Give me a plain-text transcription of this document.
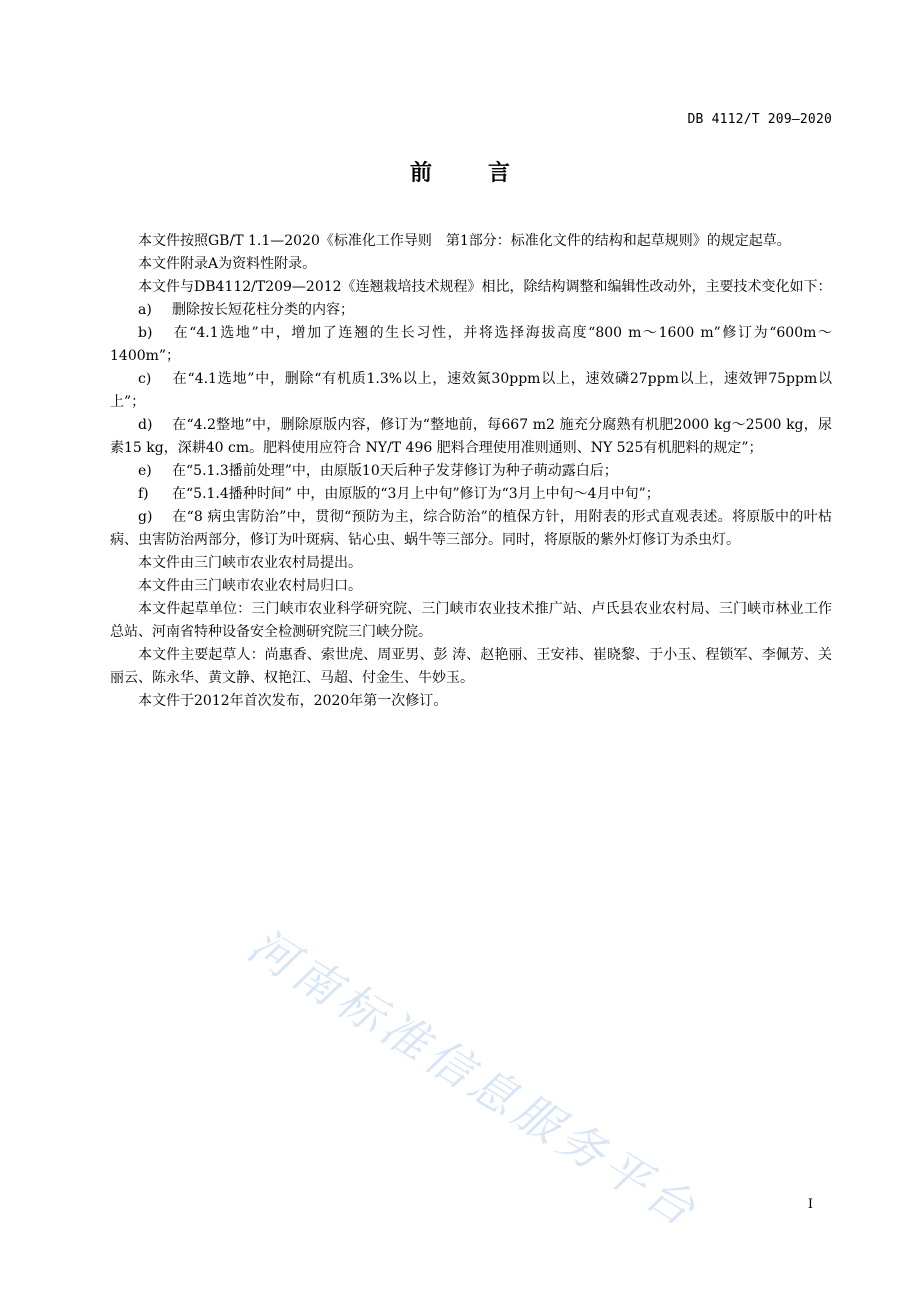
DB 4112/T 209—2020
前言

本文件按照GB/T 1.1—2020《标准化工作导则　第1部分：标准化文件的结构和起草规则》的规定起草。

本文件附录A为资料性附录。

本文件与DB4112/T209—2012《连翘栽培技术规程》相比，除结构调整和编辑性改动外，主要技术变化如下：

a) 删除按长短花柱分类的内容；

b) 在“4.1选地”中，增加了连翘的生长习性，并将选择海拔高度“800 m～1600 m”修订为“600m～1400m”；

c) 在“4.1选地”中，删除“有机质1.3%以上，速效氮30ppm以上，速效磷27ppm以上，速效钾75ppm以上”；

d) 在“4.2整地”中，删除原版内容，修订为“整地前，每667 m2 施充分腐熟有机肥2000 kg～2500 kg，尿素15 kg，深耕40 cm。肥料使用应符合 NY/T 496 肥料合理使用准则通则、NY 525有机肥料的规定”；

e) 在“5.1.3播前处理”中，由原版10天后种子发芽修订为种子萌动露白后；

f) 在“5.1.4播种时间” 中，由原版的“3月上中旬”修订为“3月上中旬～4月中旬”；

g) 在“8 病虫害防治”中，贯彻“预防为主，综合防治”的植保方针，用附表的形式直观表述。将原版中的叶枯病、虫害防治两部分，修订为叶斑病、钻心虫、蜗牛等三部分。同时，将原版的紫外灯修订为杀虫灯。

本文件由三门峡市农业农村局提出。

本文件由三门峡市农业农村局归口。

本文件起草单位：三门峡市农业科学研究院、三门峡市农业技术推广站、卢氏县农业农村局、三门峡市林业工作总站、河南省特种设备安全检测研究院三门峡分院。

本文件主要起草人：尚惠香、索世虎、周亚男、彭 涛、赵艳丽、王安祎、崔晓黎、于小玉、程锁军、李佩芳、关丽云、陈永华、黄文静、权艳江、马超、付金生、牛妙玉。

本文件于2012年首次发布，2020年第一次修订。

河南标准信息服务平台	I
